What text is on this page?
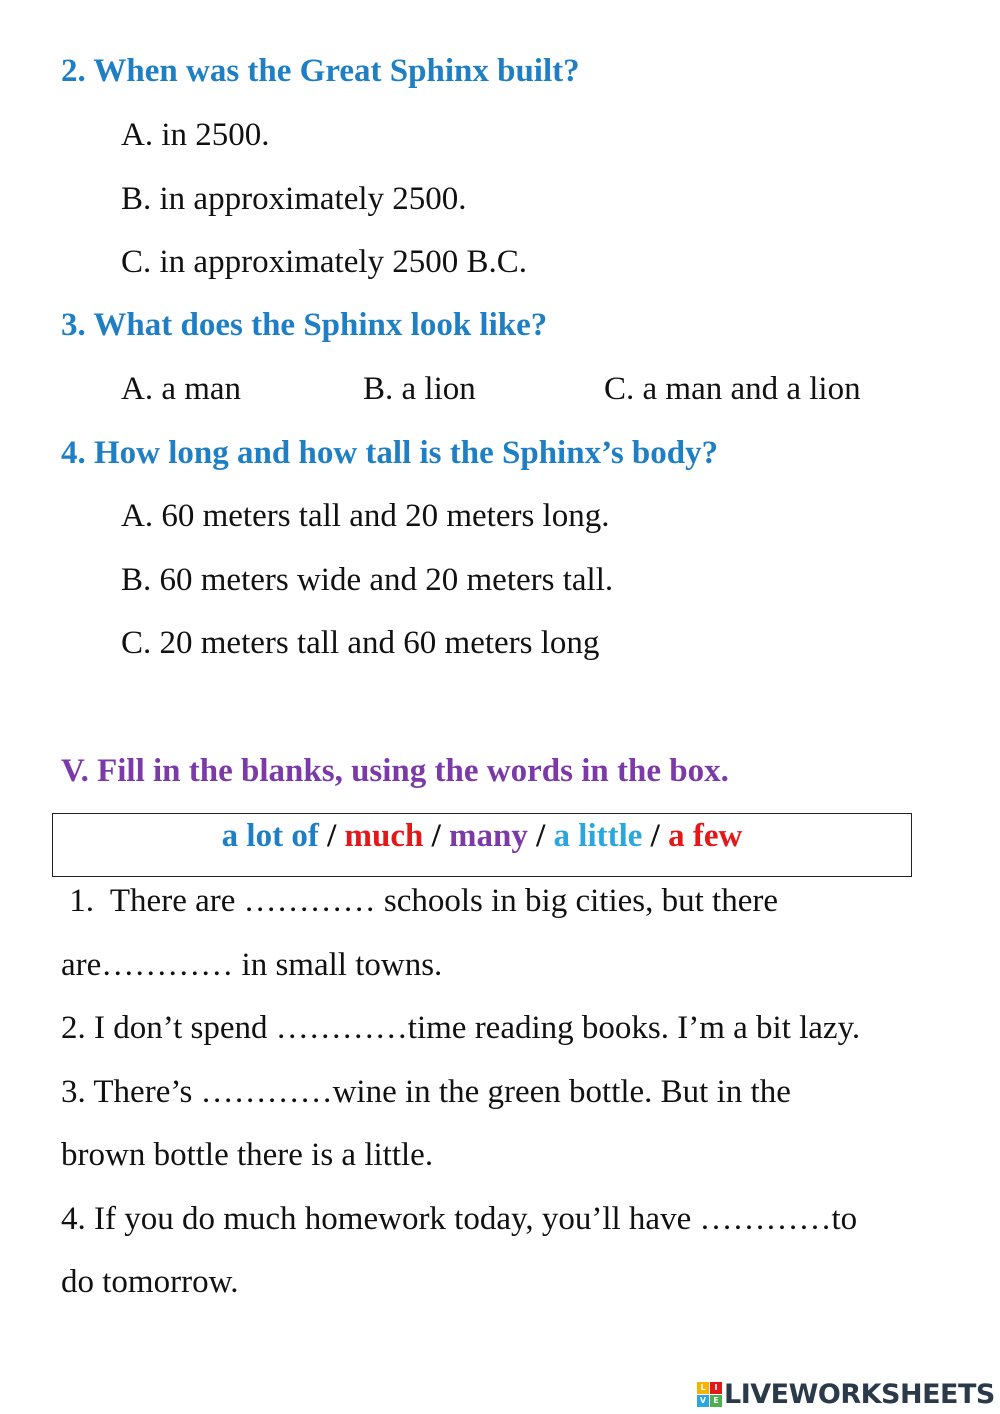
2. When was the Great Sphinx built?
A. in 2500.
B. in approximately 2500.
C. in approximately 2500 B.C.
3. What does the Sphinx look like?
A. a man	B. a lion	C. a man and a lion
4. How long and how tall is the Sphinx’s body?
A. 60 meters tall and 20 meters long.
B. 60 meters wide and 20 meters tall.
C. 20 meters tall and 60 meters long
V. Fill in the blanks, using the words in the box.
a lot of / much / many / a little / a few
1.  There are ………… schools in big cities, but there
are………… in small towns.
2. I don’t spend …………time reading books. I’m a bit lazy.
3. There’s …………wine in the green bottle. But in the
brown bottle there is a little.
4. If you do much homework today, you’ll have …………to
do tomorrow.
L	I
V E LIVEWORKSHEETS
